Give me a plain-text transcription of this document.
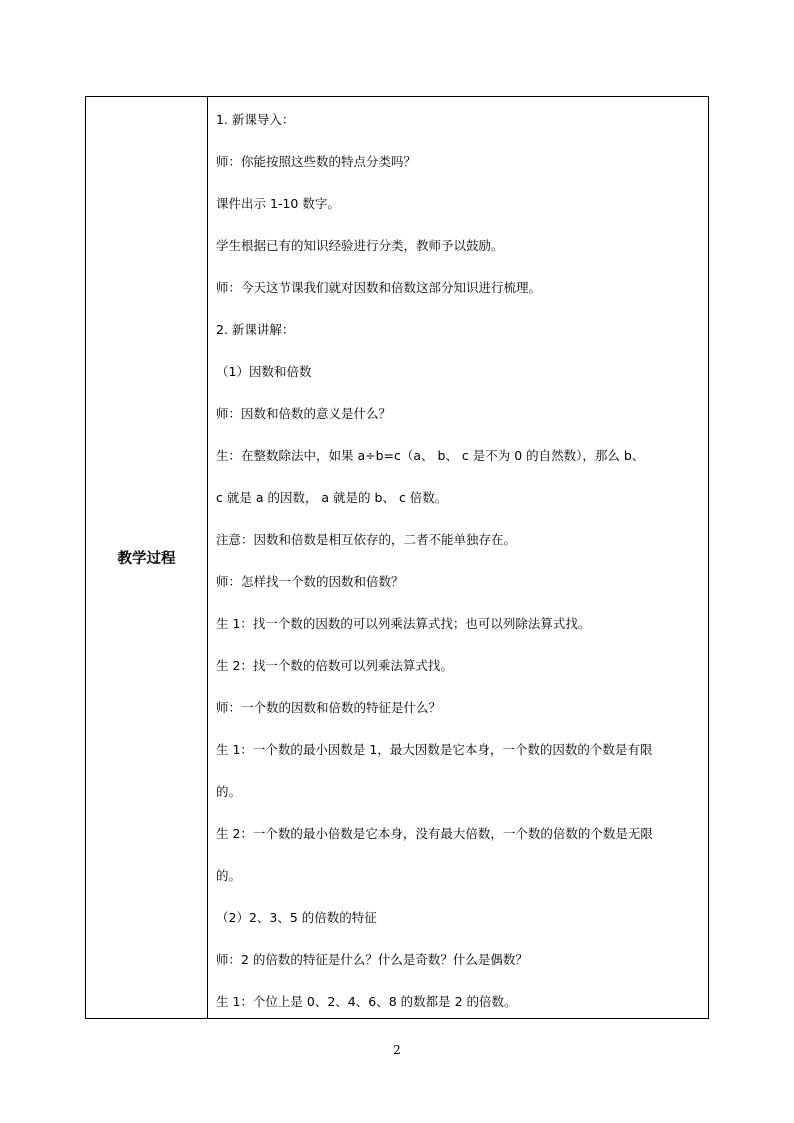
教学过程
1. 新课导入：
师：你能按照这些数的特点分类吗？
课件出示 1-10 数字。
学生根据已有的知识经验进行分类，教师予以鼓励。
师：今天这节课我们就对因数和倍数这部分知识进行梳理。
2. 新课讲解：
（1）因数和倍数
师：因数和倍数的意义是什么？
生：在整数除法中，如果 a÷b=c（a、 b、 c 是不为 0 的自然数），那么 b、
c 就是 a 的因数， a 就是的 b、 c 倍数。
注意：因数和倍数是相互依存的，二者不能单独存在。
师：怎样找一个数的因数和倍数？
生 1：找一个数的因数的可以列乘法算式找；也可以列除法算式找。
生 2：找一个数的倍数可以列乘法算式找。
师：一个数的因数和倍数的特征是什么？
生 1：一个数的最小因数是 1，最大因数是它本身，一个数的因数的个数是有限
的。
生 2：一个数的最小倍数是它本身，没有最大倍数，一个数的倍数的个数是无限
的。
（2）2、3、5 的倍数的特征
师：2 的倍数的特征是什么？什么是奇数？什么是偶数？
生 1：个位上是 0、2、4、6、8 的数都是 2 的倍数。
2
